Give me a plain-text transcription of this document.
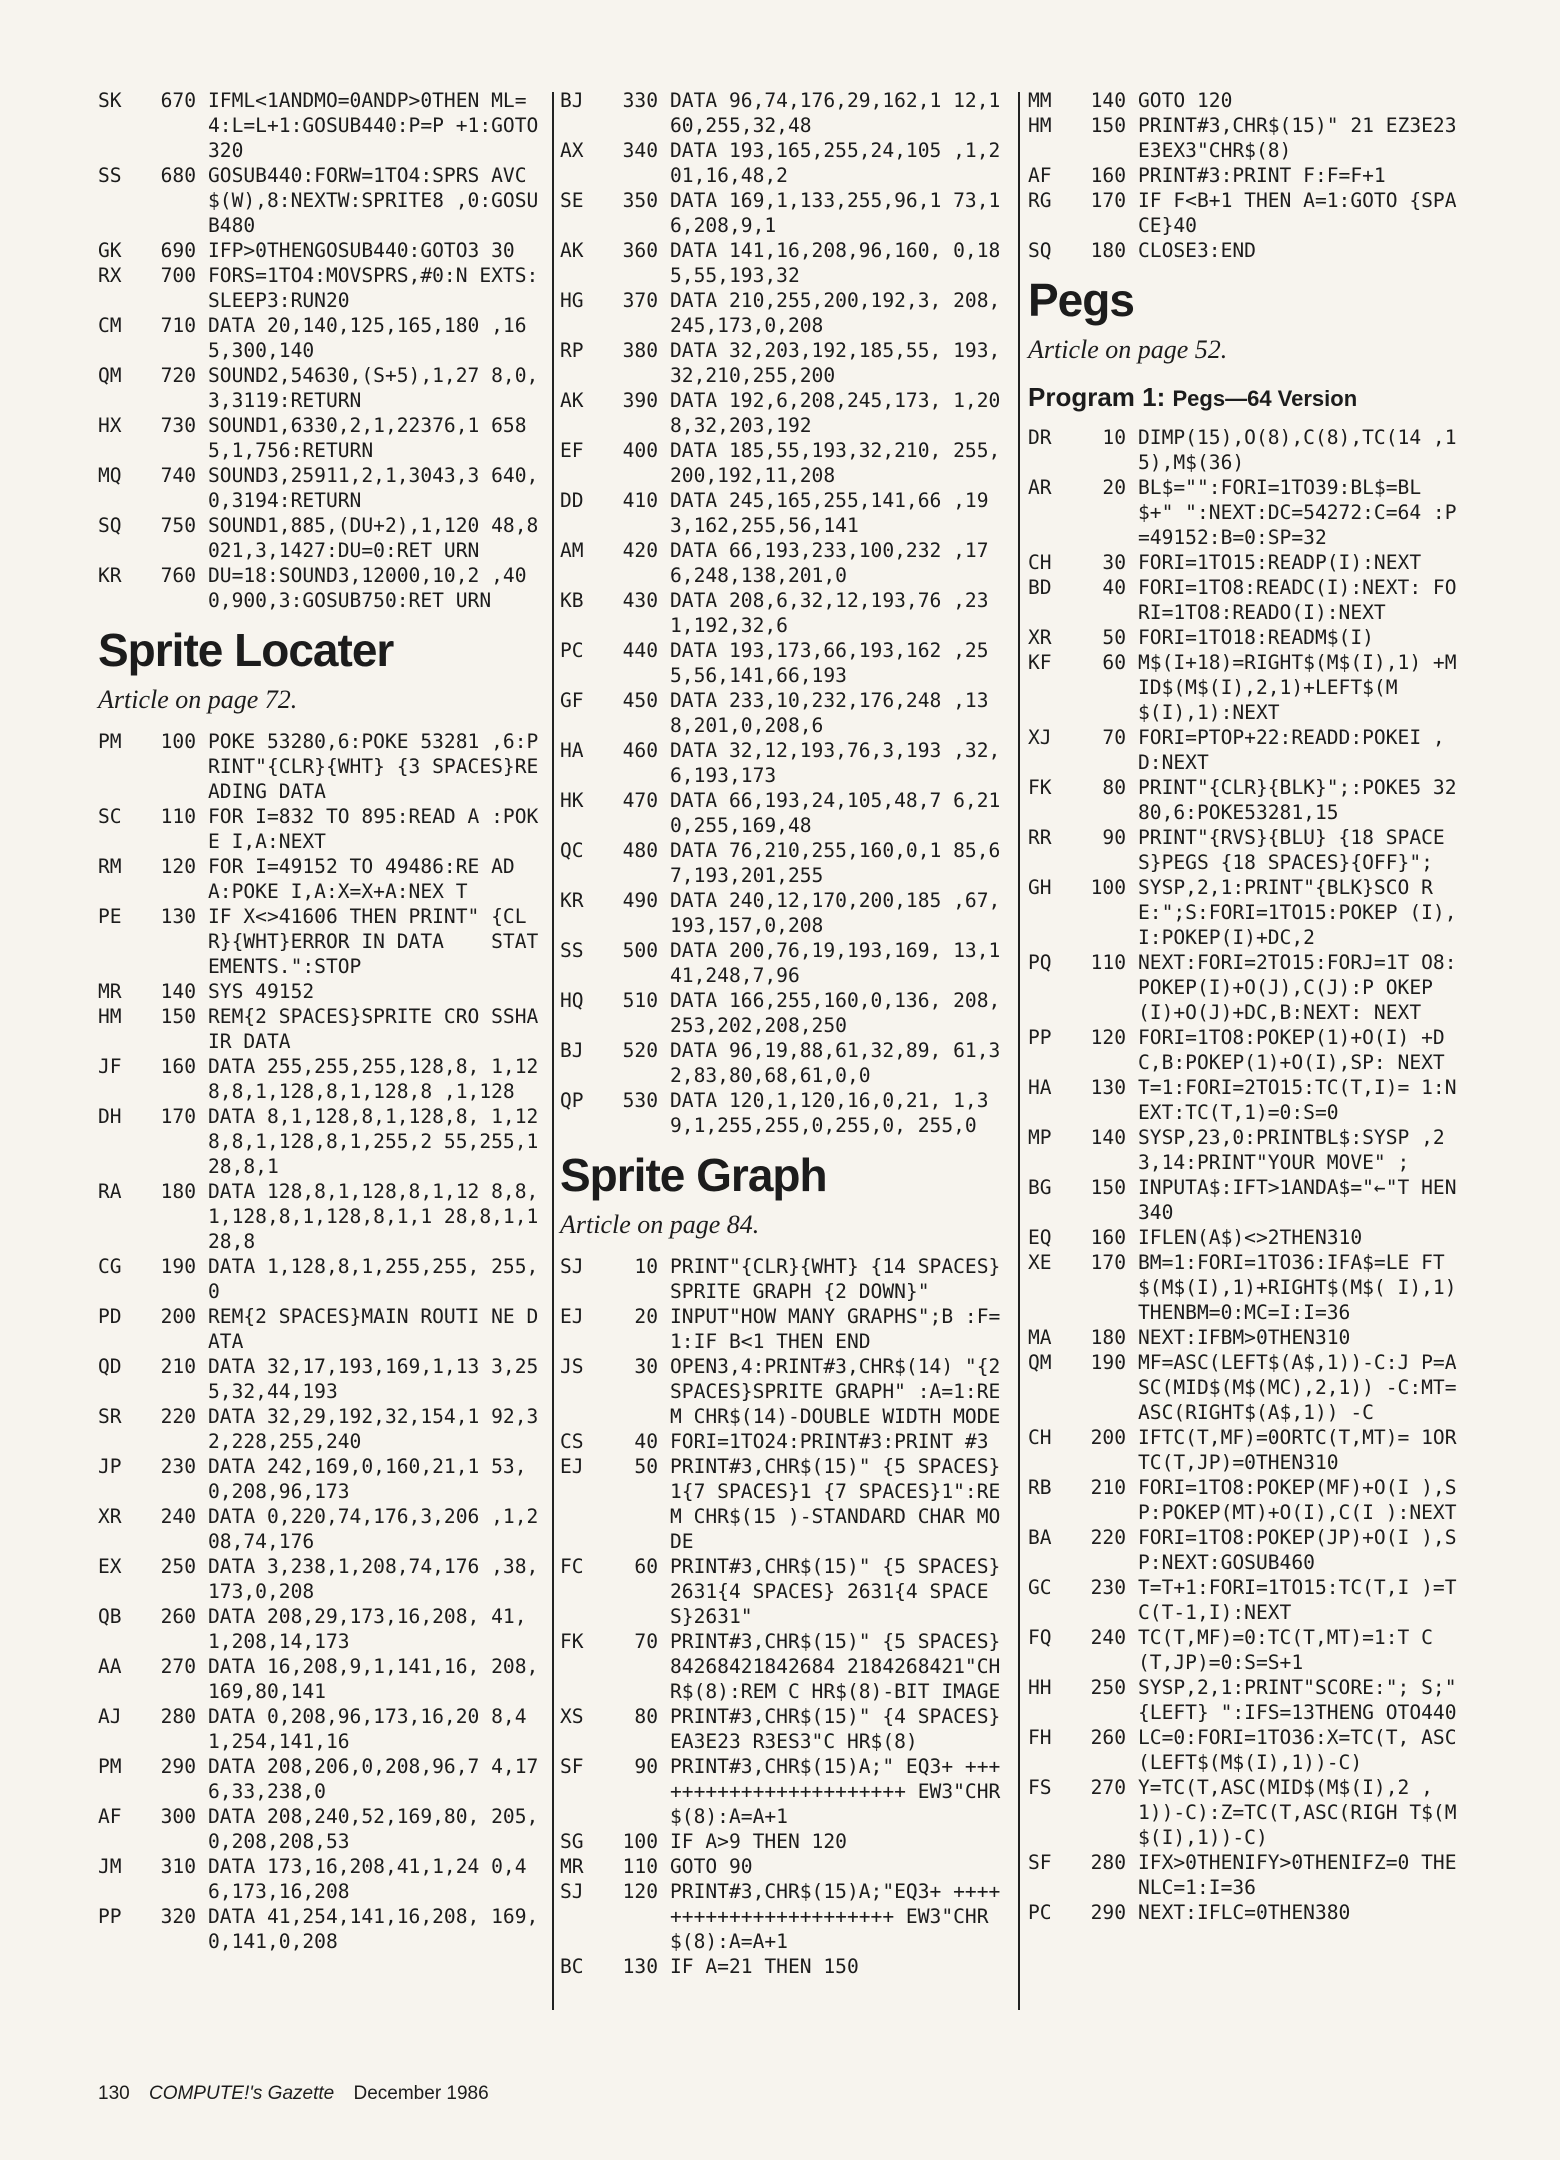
SK	670 IFML<1ANDMO=0ANDP>0THEN ML=4:L=L+1:GOSUB440:P=P +1:GOTO320
SS	680 GOSUB440:FORW=1TO4:SPRS AVC$(W),8:NEXTW:SPRITE8 ,0:GOSUB480
GK	690 IFP>0THENGOSUB440:GOTO3 30
RX	700 FORS=1TO4:MOVSPRS,#0:N EXTS:SLEEP3:RUN20
CM	710 DATA 20,140,125,165,180 ,165,300,140
QM	720 SOUND2,54630,(S+5),1,27 8,0,3,3119:RETURN
HX	730 SOUND1,6330,2,1,22376,1 6585,1,756:RETURN
MQ	740 SOUND3,25911,2,1,3043,3 640,0,3194:RETURN
SQ	750 SOUND1,885,(DU+2),1,120 48,8021,3,1427:DU=0:RET URN
KR	760 DU=18:SOUND3,12000,10,2 ,400,900,3:GOSUB750:RET URN
Sprite Locater
Article on page 72.
PM	100 POKE 53280,6:POKE 53281 ,6:PRINT"{CLR}{WHT} {3 SPACES}READING DATA
SC	110 FOR I=832 TO 895:READ A :POKE I,A:NEXT
RM	120 FOR I=49152 TO 49486:RE AD A:POKE I,A:X=X+A:NEX T
PE	130 IF X<>41606 THEN PRINT" {CLR}{WHT}ERROR IN DATA    STATEMENTS.":STOP
MR	140 SYS 49152
HM	150 REM{2 SPACES}SPRITE CRO SSHAIR DATA
JF	160 DATA 255,255,255,128,8, 1,128,8,1,128,8,1,128,8 ,1,128
DH	170 DATA 8,1,128,8,1,128,8, 1,128,8,1,128,8,1,255,2 55,255,128,8,1
RA	180 DATA 128,8,1,128,8,1,12 8,8,1,128,8,1,128,8,1,1 28,8,1,128,8
CG	190 DATA 1,128,8,1,255,255, 255,0
PD	200 REM{2 SPACES}MAIN ROUTI NE DATA
QD	210 DATA 32,17,193,169,1,13 3,255,32,44,193
SR	220 DATA 32,29,192,32,154,1 92,32,228,255,240
JP	230 DATA 242,169,0,160,21,1 53,0,208,96,173
XR	240 DATA 0,220,74,176,3,206 ,1,208,74,176
EX	250 DATA 3,238,1,208,74,176 ,38,173,0,208
QB	260 DATA 208,29,173,16,208, 41,1,208,14,173
AA	270 DATA 16,208,9,1,141,16, 208,169,80,141
AJ	280 DATA 0,208,96,173,16,20 8,41,254,141,16
PM	290 DATA 208,206,0,208,96,7 4,176,33,238,0
AF	300 DATA 208,240,52,169,80, 205,0,208,208,53
JM	310 DATA 173,16,208,41,1,24 0,46,173,16,208
PP	320 DATA 41,254,141,16,208, 169,0,141,0,208
BJ	330 DATA 96,74,176,29,162,1 12,160,255,32,48
AX	340 DATA 193,165,255,24,105 ,1,201,16,48,2
SE	350 DATA 169,1,133,255,96,1 73,16,208,9,1
AK	360 DATA 141,16,208,96,160, 0,185,55,193,32
HG	370 DATA 210,255,200,192,3, 208,245,173,0,208
RP	380 DATA 32,203,192,185,55, 193,32,210,255,200
AK	390 DATA 192,6,208,245,173, 1,208,32,203,192
EF	400 DATA 185,55,193,32,210, 255,200,192,11,208
DD	410 DATA 245,165,255,141,66 ,193,162,255,56,141
AM	420 DATA 66,193,233,100,232 ,176,248,138,201,0
KB	430 DATA 208,6,32,12,193,76 ,231,192,32,6
PC	440 DATA 193,173,66,193,162 ,255,56,141,66,193
GF	450 DATA 233,10,232,176,248 ,138,201,0,208,6
HA	460 DATA 32,12,193,76,3,193 ,32,6,193,173
HK	470 DATA 66,193,24,105,48,7 6,210,255,169,48
QC	480 DATA 76,210,255,160,0,1 85,67,193,201,255
KR	490 DATA 240,12,170,200,185 ,67,193,157,0,208
SS	500 DATA 200,76,19,193,169, 13,141,248,7,96
HQ	510 DATA 166,255,160,0,136, 208,253,202,208,250
BJ	520 DATA 96,19,88,61,32,89, 61,32,83,80,68,61,0,0
QP	530 DATA 120,1,120,16,0,21, 1,39,1,255,255,0,255,0, 255,0
Sprite Graph
Article on page 84.
SJ	10 PRINT"{CLR}{WHT} {14 SPACES}SPRITE GRAPH {2 DOWN}"
EJ	20 INPUT"HOW MANY GRAPHS";B :F=1:IF B<1 THEN END
JS	30 OPEN3,4:PRINT#3,CHR$(14) "{2 SPACES}SPRITE GRAPH" :A=1:REM CHR$(14)-DOUBLE WIDTH MODE
CS	40 FORI=1TO24:PRINT#3:PRINT #3
EJ	50 PRINT#3,CHR$(15)" {5 SPACES}1{7 SPACES}1 {7 SPACES}1":REM CHR$(15 )-STANDARD CHAR MODE
FC	60 PRINT#3,CHR$(15)" {5 SPACES}2631{4 SPACES} 2631{4 SPACES}2631"
FK	70 PRINT#3,CHR$(15)" {5 SPACES}84268421842684 2184268421"CHR$(8):REM C HR$(8)-BIT IMAGE
XS	80 PRINT#3,CHR$(15)" {4 SPACES}EA3E23 R3ES3"C HR$(8)
SF	90 PRINT#3,CHR$(15)A;" EQ3+ +++++++++++++++++++++++ EW3"CHR$(8):A=A+1
SG	100 IF A>9 THEN 120
MR	110 GOTO 90
SJ	120 PRINT#3,CHR$(15)A;"EQ3+ +++++++++++++++++++++++ EW3"CHR$(8):A=A+1
BC	130 IF A=21 THEN 150
MM	140 GOTO 120
HM	150 PRINT#3,CHR$(15)" 21 EZ3E23 E3EX3"CHR$(8)
AF	160 PRINT#3:PRINT F:F=F+1
RG	170 IF F<B+1 THEN A=1:GOTO {SPACE}40
SQ	180 CLOSE3:END
Pegs
Article on page 52.
Program 1: Pegs—64 Version
DR	10 DIMP(15),O(8),C(8),TC(14 ,15),M$(36)
AR	20 BL$="":FORI=1TO39:BL$=BL $+" ":NEXT:DC=54272:C=64 :P=49152:B=0:SP=32
CH	30 FORI=1TO15:READP(I):NEXT
BD	40 FORI=1TO8:READC(I):NEXT: FORI=1TO8:READO(I):NEXT
XR	50 FORI=1TO18:READM$(I)
KF	60 M$(I+18)=RIGHT$(M$(I),1) +MID$(M$(I),2,1)+LEFT$(M $(I),1):NEXT
XJ	70 FORI=PTOP+22:READD:POKEI ,D:NEXT
FK	80 PRINT"{CLR}{BLK}";:POKE5 3280,6:POKE53281,15
RR	90 PRINT"{RVS}{BLU} {18 SPACES}PEGS {18 SPACES}{OFF}";
GH	100 SYSP,2,1:PRINT"{BLK}SCO RE:";S:FORI=1TO15:POKEP (I),I:POKEP(I)+DC,2
PQ	110 NEXT:FORI=2TO15:FORJ=1T O8:POKEP(I)+O(J),C(J):P OKEP(I)+O(J)+DC,B:NEXT: NEXT
PP	120 FORI=1TO8:POKEP(1)+O(I) +DC,B:POKEP(1)+O(I),SP: NEXT
HA	130 T=1:FORI=2TO15:TC(T,I)= 1:NEXT:TC(T,1)=0:S=0
MP	140 SYSP,23,0:PRINTBL$:SYSP ,23,14:PRINT"YOUR MOVE" ;
BG	150 INPUTA$:IFT>1ANDA$="←"T HEN340
EQ	160 IFLEN(A$)<>2THEN310
XE	170 BM=1:FORI=1TO36:IFA$=LE FT$(M$(I),1)+RIGHT$(M$( I),1)THENBM=0:MC=I:I=36
MA	180 NEXT:IFBM>0THEN310
QM	190 MF=ASC(LEFT$(A$,1))-C:J P=ASC(MID$(M$(MC),2,1)) -C:MT=ASC(RIGHT$(A$,1)) -C
CH	200 IFTC(T,MF)=0ORTC(T,MT)= 1ORTC(T,JP)=0THEN310
RB	210 FORI=1TO8:POKEP(MF)+O(I ),SP:POKEP(MT)+O(I),C(I ):NEXT
BA	220 FORI=1TO8:POKEP(JP)+O(I ),SP:NEXT:GOSUB460
GC	230 T=T+1:FORI=1TO15:TC(T,I )=TC(T-1,I):NEXT
FQ	240 TC(T,MF)=0:TC(T,MT)=1:T C(T,JP)=0:S=S+1
HH	250 SYSP,2,1:PRINT"SCORE:"; S;"{LEFT} ":IFS=13THENG OTO440
FH	260 LC=0:FORI=1TO36:X=TC(T, ASC(LEFT$(M$(I),1))-C)
FS	270 Y=TC(T,ASC(MID$(M$(I),2 ,1))-C):Z=TC(T,ASC(RIGH T$(M$(I),1))-C)
SF	280 IFX>0THENIFY>0THENIFZ=0 THENLC=1:I=36
PC	290 NEXT:IFLC=0THEN380
130 COMPUTE!'s Gazette December 1986
